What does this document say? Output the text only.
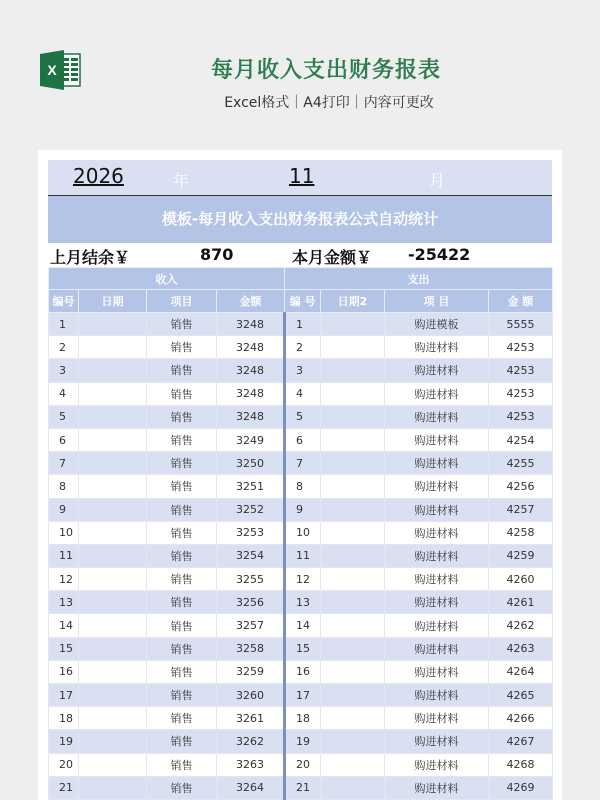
X	每月收入支出财务报表
Excel格式｜A4打印｜内容可更改
2026	年	11	月
模板-每月收入支出财务报表公式自动统计
上月结余￥	870	本月金额￥ -25422
收入				支出			
编号	日期	项目	金额	编 号	日期2	项 目	金 额
1		销售	3248	1		购进模板	5555
2		销售	3248	2		购进材料	4253
3		销售	3248	3		购进材料	4253
4		销售	3248	4		购进材料	4253
5		销售	3248	5		购进材料	4253
6		销售	3249	6		购进材料	4254
7		销售	3250	7		购进材料	4255
8		销售	3251	8		购进材料	4256
9		销售	3252	9		购进材料	4257
10		销售	3253	10		购进材料	4258
11		销售	3254	11		购进材料	4259
12		销售	3255	12		购进材料	4260
13		销售	3256	13		购进材料	4261
14		销售	3257	14		购进材料	4262
15		销售	3258	15		购进材料	4263
16		销售	3259	16		购进材料	4264
17		销售	3260	17		购进材料	4265
18		销售	3261	18		购进材料	4266
19		销售	3262	19		购进材料	4267
20		销售	3263	20		购进材料	4268
21		销售	3264	21		购进材料	4269
